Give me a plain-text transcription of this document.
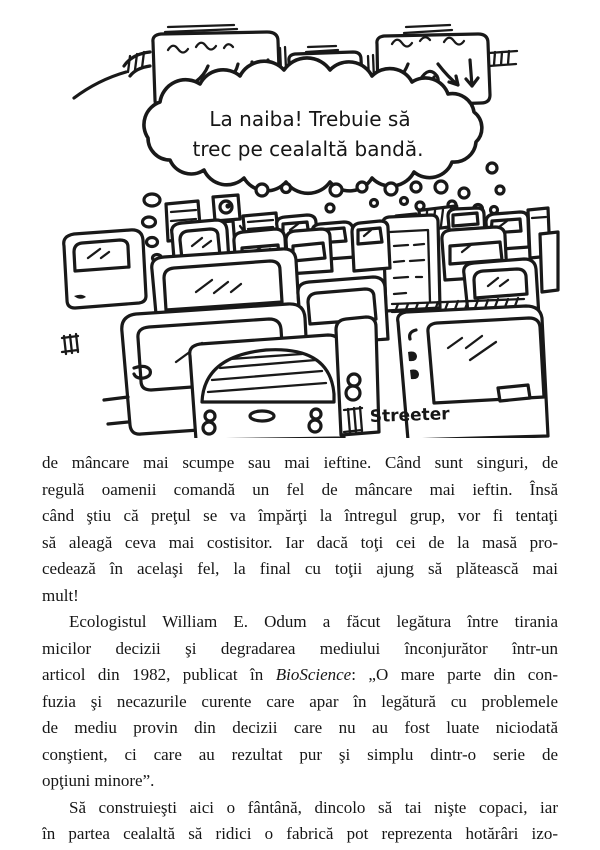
La naiba! Trebuie să
trec pe cealaltă bandă.
Streeter
de mâncare mai scumpe sau mai ieftine. Când sunt singuri, de
regulă oamenii comandă un fel de mâncare mai ieftin. Însă
când ştiu că preţul se va împărţi la întregul grup, vor fi tentaţi
să aleagă ceva mai costisitor. Iar dacă toţi cei de la masă pro-
cedează în acelaşi fel, la final cu toţii ajung să plătească mai
mult!
Ecologistul William E. Odum a făcut legătura între tirania
micilor decizii şi degradarea mediului înconjurător într-un
articol din 1982, publicat în BioScience: „O mare parte din con-
fuzia şi necazurile curente care apar în legătură cu problemele
de mediu provin din decizii care nu au fost luate niciodată
conştient, ci care au rezultat pur şi simplu dintr-o serie de
opţiuni minore”.
Să construieşti aici o fântână, dincolo să tai nişte copaci, iar
în partea cealaltă să ridici o fabrică pot reprezenta hotărâri izo-
